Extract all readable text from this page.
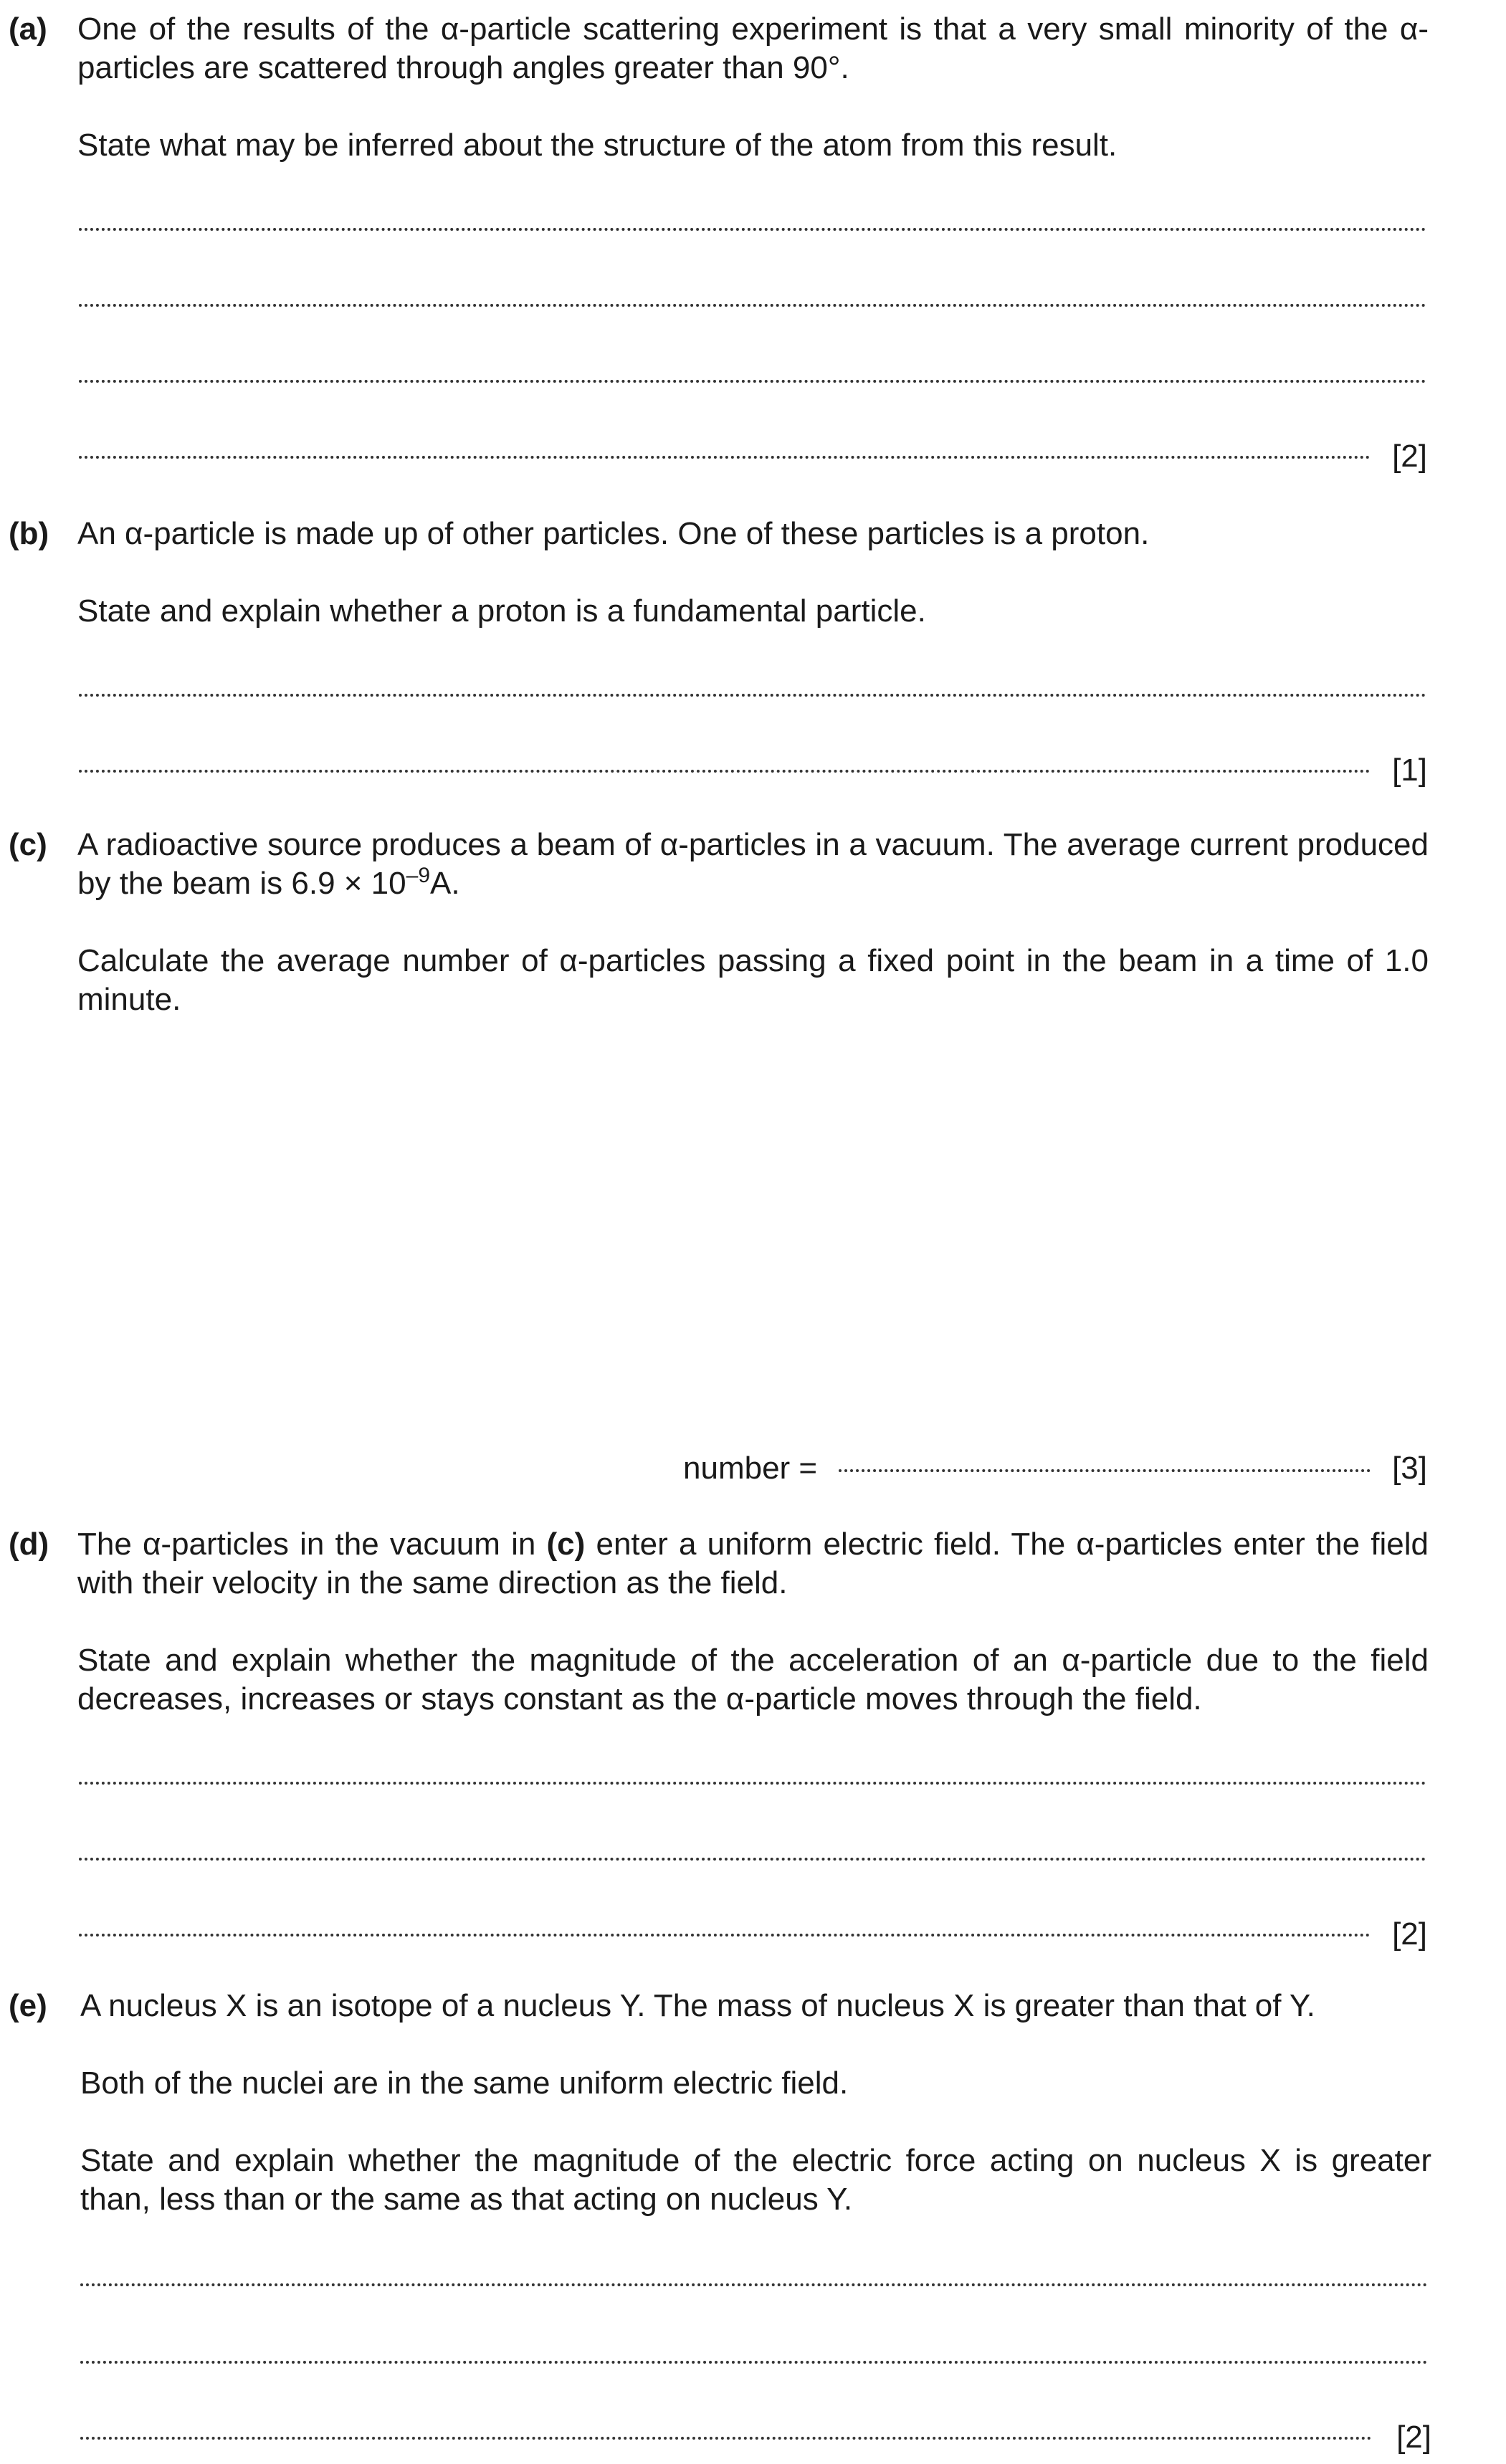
(a) One of the results of the α-particle scattering experiment is that a very small minority of the α-particles are scattered through angles greater than 90°.
State what may be inferred about the structure of the atom from this result.
[2]
(b) An α-particle is made up of other particles. One of these particles is a proton.
State and explain whether a proton is a fundamental particle.
[1]
(c) A radioactive source produces a beam of α-particles in a vacuum. The average current produced by the beam is $6.9 \times 10^{-9}A$.
Calculate the average number of α-particles passing a fixed point in the beam in a time of 1.0 minute.
number =	[3]
(d) The α-particles in the vacuum in (c) enter a uniform electric field. The α-particles enter the field with their velocity in the same direction as the field.
State and explain whether the magnitude of the acceleration of an α-particle due to the field decreases, increases or stays constant as the α-particle moves through the field.
[2]
(e) A nucleus X is an isotope of a nucleus Y. The mass of nucleus X is greater than that of Y.
Both of the nuclei are in the same uniform electric field.
State and explain whether the magnitude of the electric force acting on nucleus X is greater than, less than or the same as that acting on nucleus Y.
[2]
